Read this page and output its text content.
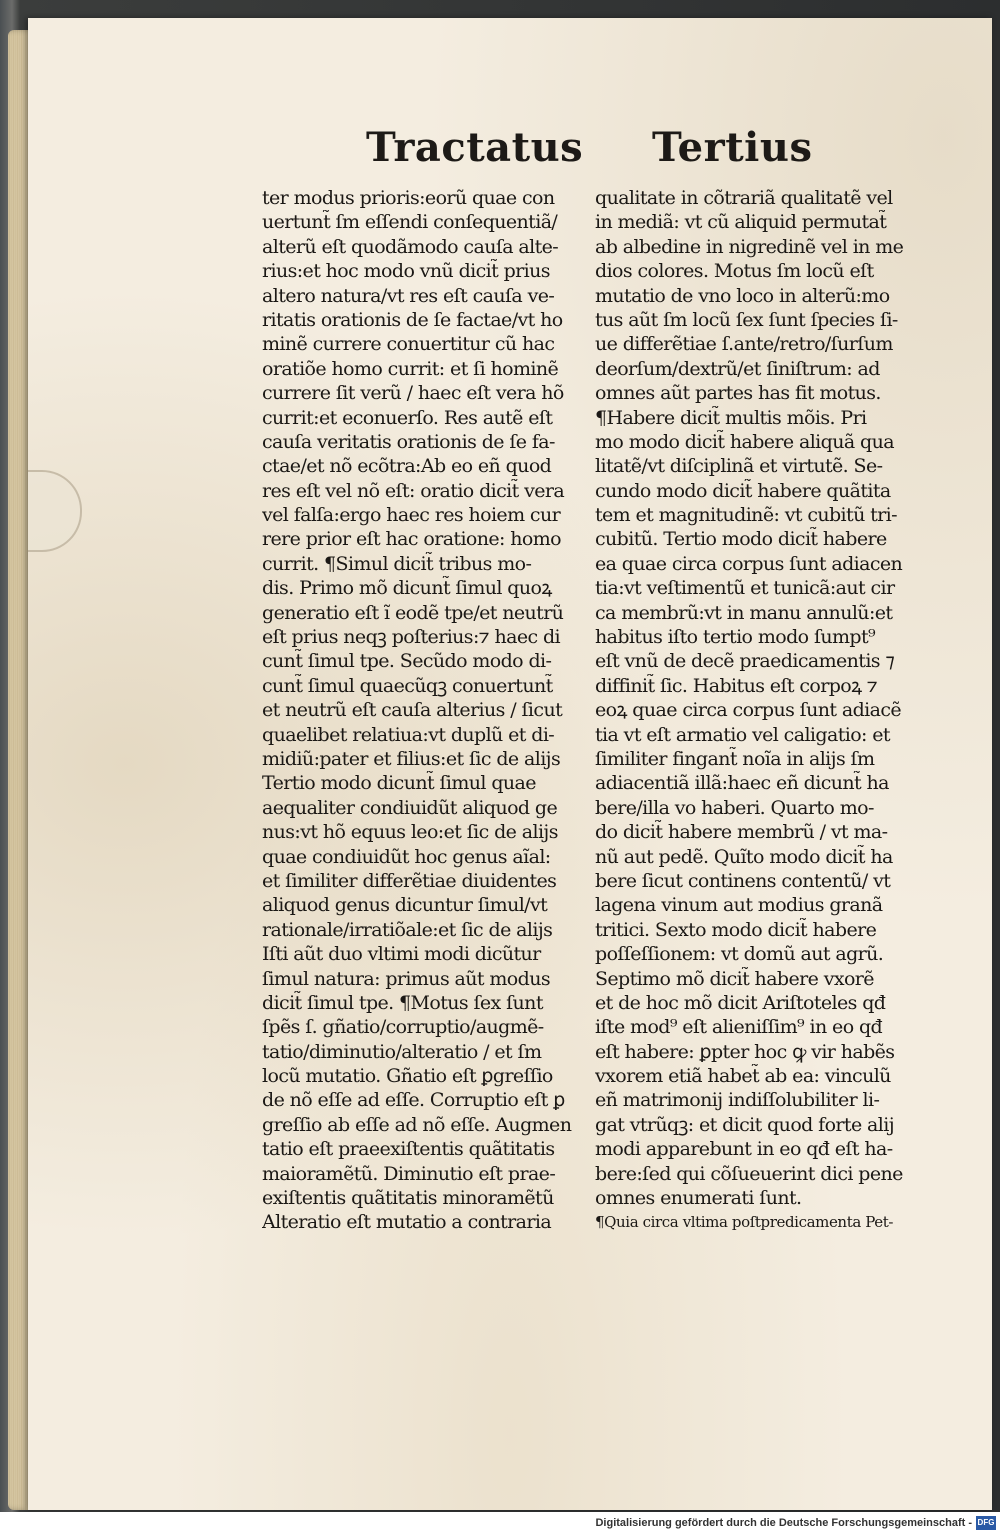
Tractatus Tertius
ter modus prioris:eorũ quae con
uertunt̃ ſm eſſendi conſequentiã/
alterũ eſt quodãmodo cauſa alte-
rius:et hoc modo vnũ dicit̃ prius
altero natura/vt res eſt cauſa ve-
ritatis orationis de ſe factae/vt ho
minẽ currere conuertitur cũ hac
oratiõe homo currit: et ſi hominẽ
currere ſit verũ / haec eſt vera hõ
currit:et econuerſo. Res autẽ eſt
cauſa veritatis orationis de ſe fa-
ctae/et nõ ecõtra:Ab eo eñ quod
res eſt vel nõ eſt: oratio dicit̃ vera
vel falſa:ergo haec res hoiem cur
rere prior eſt hac oratione: homo
currit. ¶Simul dicit̃ tribus mo-
dis. Primo mõ dicunt̃ ſimul quoꝝ
generatio eſt ĩ eodẽ tpe/et neutrũ
eſt prius neqꝫ poſterius:⁊ haec di
cunt̃ ſimul tpe. Secũdo modo di-
cunt̃ ſimul quaecũqꝫ conuertunt̃
et neutrũ eſt cauſa alterius / ſicut
quaelibet relatiua:vt duplũ et di-
midiũ:pater et filius:et ſic de alijs
Tertio modo dicunt̃ ſimul quae
aequaliter condiuidũt aliquod ge
nus:vt hõ equus leo:et ſic de alijs
quae condiuidũt hoc genus aĩal:
et ſimiliter differẽtiae diuidentes
aliquod genus dicuntur ſimul/vt
rationale/irratiõale:et ſic de alijs
Iſti aũt duo vltimi modi dicũtur
ſimul natura: primus aũt modus
dicit̃ ſimul tpe. ¶Motus ſex ſunt
ſpẽs ſ. gñatio/corruptio/augmẽ-
tatio/diminutio/alteratio / et ſm
locũ mutatio. Gñatio eſt ꝑgreſſio
de nõ eſſe ad eſſe. Corruptio eſt ꝑ
greſſio ab eſſe ad nõ eſſe. Augmen
tatio eſt praeexiſtentis quãtitatis
maioramẽtũ. Diminutio eſt prae-
exiſtentis quãtitatis minoramẽtũ
Alteratio eſt mutatio a contraria
qualitate in cõtrariã qualitatẽ vel
in mediã: vt cũ aliquid permutat̃
ab albedine in nigredinẽ vel in me
dios colores. Motus ſm locũ eſt
mutatio de vno loco in alterũ:mo
tus aũt ſm locũ ſex ſunt ſpecies ſi-
ue differẽtiae ſ.ante/retro/ſurſum
deorſum/dextrũ/et ſiniſtrum: ad
omnes aũt partes has fit motus.
¶Habere dicit̃ multis mõis. Pri
mo modo dicit̃ habere aliquã qua
litatẽ/vt diſciplinã et virtutẽ. Se-
cundo modo dicit̃ habere quãtita
tem et magnitudinẽ: vt cubitũ tri-
cubitũ. Tertio modo dicit̃ habere
ea quae circa corpus ſunt adiacen
tia:vt veſtimentũ et tunicã:aut cir
ca membrũ:vt in manu annulũ:et
habitus iſto tertio modo ſumpt⁹
eſt vnũ de decẽ praedicamentis ⁊
diffinit̃ ſic. Habitus eſt corpoꝝ ⁊
eoꝝ quae circa corpus ſunt adiacẽ
tia vt eſt armatio vel caligatio: et
ſimiliter fingant̃ noĩa in alijs ſm
adiacentiã illã:haec eñ dicunt̃ ha
bere/illa vo haberi. Quarto mo-
do dicit̃ habere membrũ / vt ma-
nũ aut pedẽ. Quĩto modo dicit̃ ha
bere ſicut continens contentũ/ vt
lagena vinum aut modius granã
tritici. Sexto modo dicit̃ habere
poſſeſſionem: vt domũ aut agrũ.
Septimo mõ dicit̃ habere vxorẽ
et de hoc mõ dicit Ariſtoteles qđ
iſte mod⁹ eſt alieniſſim⁹ in eo qđ
eſt habere: ꝑpter hoc ꝙ vir habẽs
vxorem etiã habet̃ ab ea: vinculũ
eñ matrimonij indiſſolubiliter li-
gat vtrũqꝫ: et dicit quod forte alij
modi apparebunt in eo qđ eſt ha-
bere:ſed qui cõſueuerint dici pene
omnes enumerati ſunt.
¶Quia circa vltima poſtpredicamenta Pet-
Digitalisierung gefördert durch die Deutsche Forschungsgemeinschaft - DFG
